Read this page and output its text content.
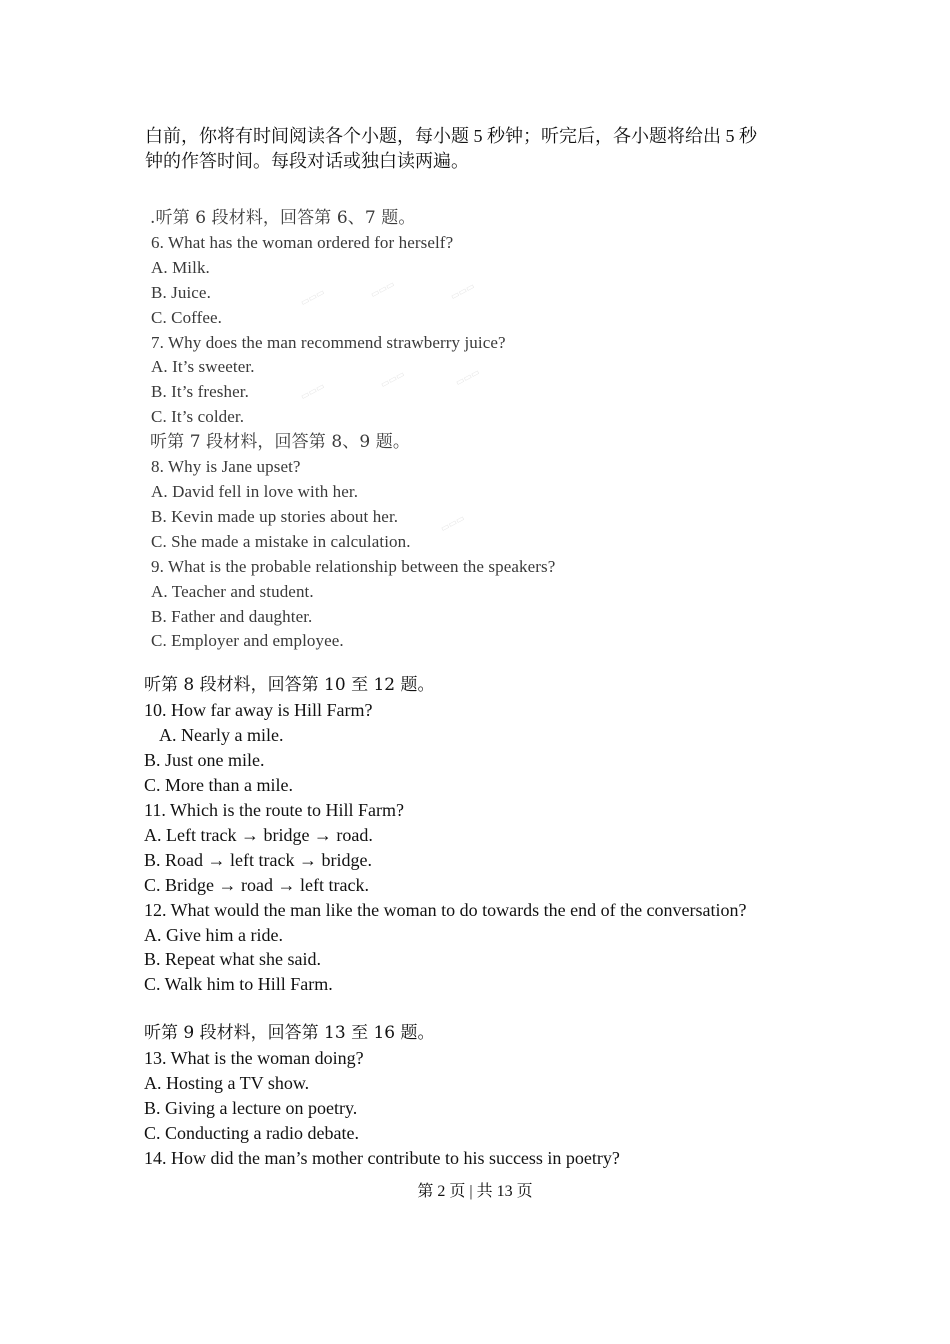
白前，你将有时间阅读各个小题，每小题 5 秒钟；听完后，各小题将给出 5 秒

钟的作答时间。每段对话或独白读两遍。

.听第 6 段材料，回答第 6、7 题。
6. What has the woman ordered for herself?
A. Milk.
B. Juice.
C. Coffee.
7. Why does the man recommend strawberry juice?
A. It’s sweeter.
B. It’s fresher.
C. It’s colder.
听第 7 段材料，回答第 8、9 题。
8. Why is Jane upset?
A. David fell in love with her.
B. Kevin made up stories about her.
C. She made a mistake in calculation.
9. What is the probable relationship between the speakers?
A. Teacher and student.
B. Father and daughter.
C. Employer and employee.
▭▭▭	▭▭▭	▭▭▭
▭▭▭
▭▭▭	▭▭▭
▭▭▭
听第 8 段材料，回答第 10 至 12 题。
10. How far away is Hill Farm?
A. Nearly a mile.
B. Just one mile.
C. More than a mile.
11. Which is the route to Hill Farm?
A. Left track → bridge → road.
B. Road → left track → bridge.
C. Bridge → road → left track.
12. What would the man like the woman to do towards the end of the conversation?
A. Give him a ride.
B. Repeat what she said.
C. Walk him to Hill Farm.
听第 9 段材料，回答第 13 至 16 题。
13. What is the woman doing?
A. Hosting a TV show.
B. Giving a lecture on poetry.
C. Conducting a radio debate.
14. How did the man’s mother contribute to his success in poetry?
第 2 页 | 共 13 页
